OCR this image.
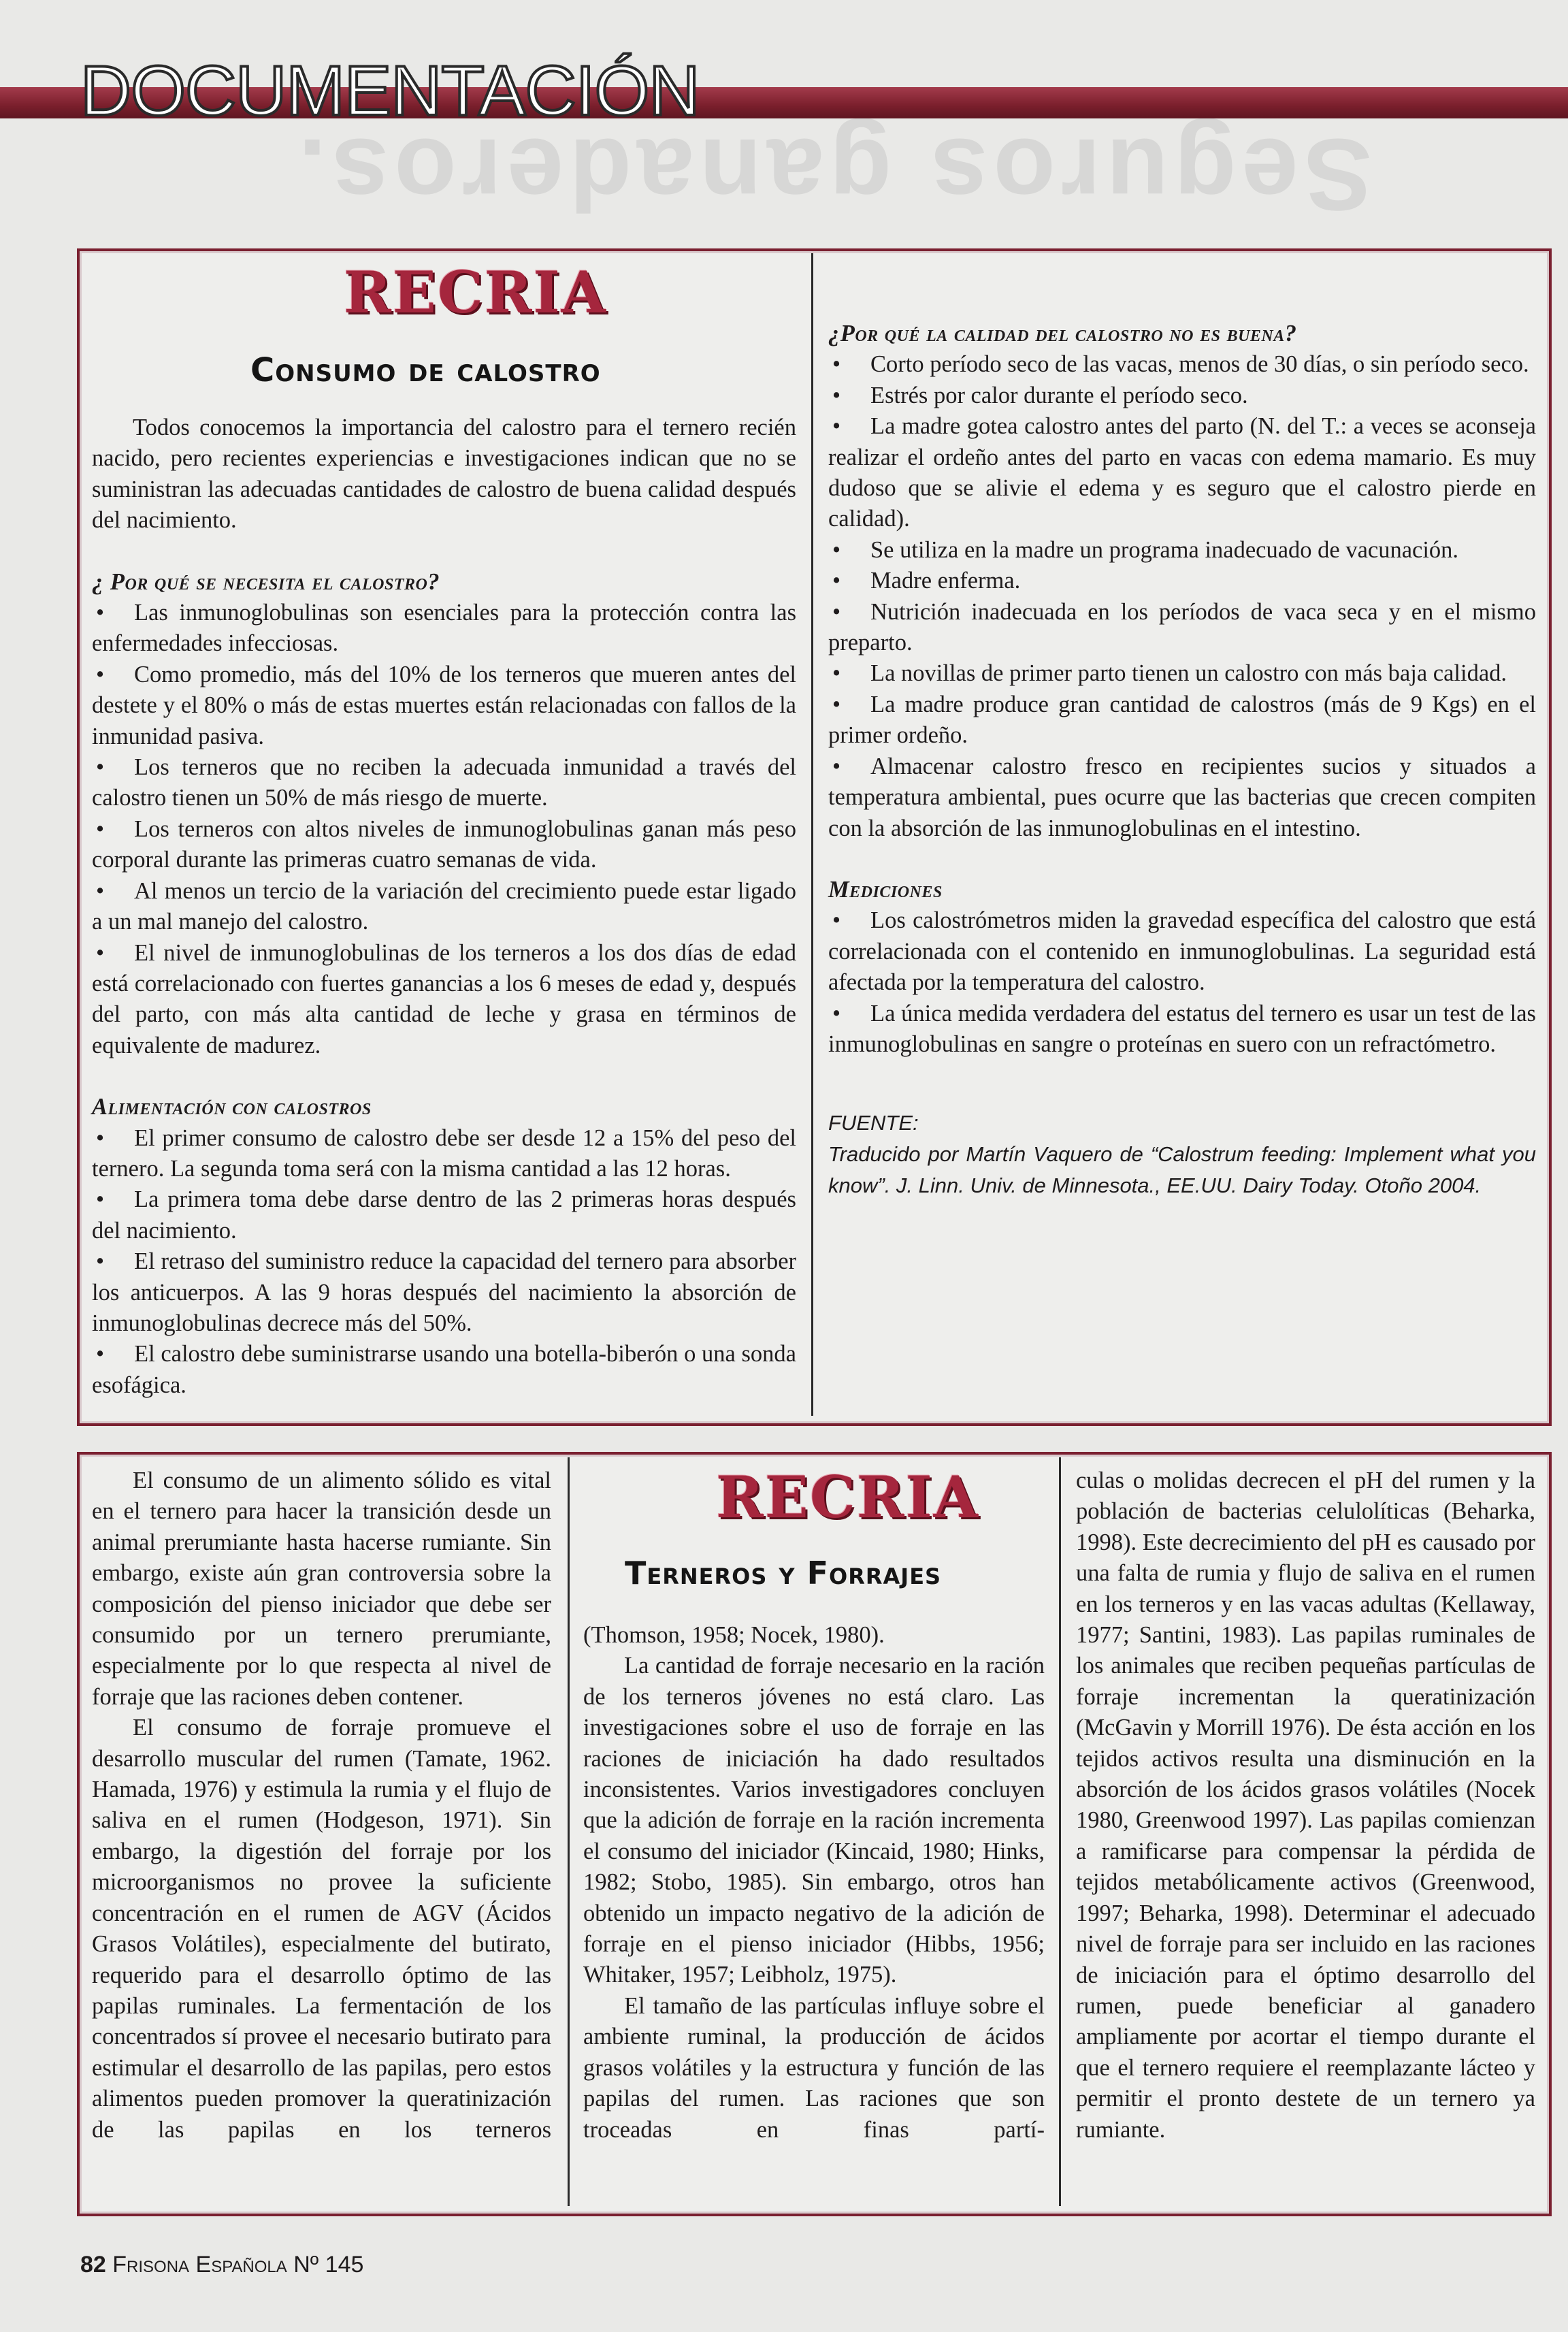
Seguros ganaderos.
DOCUMENTACIÓN
RECRIA
Consumo de calostro

Todos conocemos la importancia del calostro para el ternero recién nacido, pero recientes experiencias e investigaciones indican que no se suministran las adecuadas cantidades de calostro de buena calidad después del nacimiento.

¿ Por qué se necesita el calostro?

• Las inmunoglobulinas son esenciales para la protección contra las enfermedades infecciosas.

• Como promedio, más del 10% de los terneros que mueren antes del destete y el 80% o más de estas muertes están relacionadas con fallos de la inmunidad pasiva.

• Los terneros que no reciben la adecuada inmunidad a través del calostro tienen un 50% de más riesgo de muerte.

• Los terneros con altos niveles de inmunoglobulinas ganan más peso corporal durante las primeras cuatro semanas de vida.

• Al menos un tercio de la variación del crecimiento puede estar ligado a un mal manejo del calostro.

• El nivel de inmunoglobulinas de los terneros a los dos días de edad está correlacionado con fuertes ganancias a los 6 meses de edad y, después del parto, con más alta cantidad de leche y grasa en términos de equivalente de madurez.

Alimentación con calostros

• El primer consumo de calostro debe ser desde 12 a 15% del peso del ternero. La segunda toma será con la misma cantidad a las 12 horas.

• La primera toma debe darse dentro de las 2 primeras horas después del nacimiento.

• El retraso del suministro reduce la capacidad del ternero para absorber los anticuerpos. A las 9 horas después del nacimiento la absorción de inmunoglobulinas decrece más del 50%.

• El calostro debe suministrarse usando una botella-biberón o una sonda esofágica.

¿Por qué la calidad del calostro no es buena?

• Corto período seco de las vacas, menos de 30 días, o sin período seco.

• Estrés por calor durante el período seco.

• La madre gotea calostro antes del parto (N. del T.: a veces se aconseja realizar el ordeño antes del parto en vacas con edema mamario. Es muy dudoso que se alivie el edema y es seguro que el calostro pierde en calidad).

• Se utiliza en la madre un programa inadecuado de vacunación.

• Madre enferma.

• Nutrición inadecuada en los períodos de vaca seca y en el mismo preparto.

• La novillas de primer parto tienen un calostro con más baja calidad.

• La madre produce gran cantidad de calostros (más de 9 Kgs) en el primer ordeño.

• Almacenar calostro fresco en recipientes sucios y situados a temperatura ambiental, pues ocurre que las bacterias que crecen compiten con la absorción de las inmunoglobulinas en el intestino.

Mediciones

• Los calostrómetros miden la gravedad específica del calostro que está correlacionada con el contenido en inmunoglobulinas. La seguridad está afectada por la temperatura del calostro.

• La única medida verdadera del estatus del ternero es usar un test de las inmunoglobulinas en sangre o proteínas en suero con un refractómetro.

FUENTE:

Traducido por Martín Vaquero de “Calostrum feeding: Implement what you know”. J. Linn. Univ. de Minnesota., EE.UU. Dairy Today. Otoño 2004.

RECRIA
Terneros y Forrajes

El consumo de un alimento sólido es vital en el ternero para hacer la transición desde un animal prerumiante hasta hacerse rumiante. Sin embargo, existe aún gran controversia sobre la composición del pienso iniciador que debe ser consumido por un ternero prerumiante, especialmente por lo que respecta al nivel de forraje que las raciones deben contener.

El consumo de forraje promueve el desarrollo muscular del rumen (Tamate, 1962. Hamada, 1976) y estimula la rumia y el flujo de saliva en el rumen (Hodgeson, 1971). Sin embargo, la digestión del forraje por los microorganismos no provee la suficiente concentración en el rumen de AGV (Ácidos Grasos Volátiles), especialmente del butirato, requerido para el desarrollo óptimo de las papilas ruminales. La fermentación de los concentrados sí provee el necesario butirato para estimular el desarrollo de las papilas, pero estos alimentos pueden promover la queratinización de las papilas en los terneros

(Thomson, 1958; Nocek, 1980).

La cantidad de forraje necesario en la ración de los terneros jóvenes no está claro. Las investigaciones sobre el uso de forraje en las raciones de iniciación ha dado resultados inconsistentes. Varios investigadores concluyen que la adición de forraje en la ración incrementa el consumo del iniciador (Kincaid, 1980; Hinks, 1982; Stobo, 1985). Sin embargo, otros han obtenido un impacto negativo de la adición de forraje en el pienso iniciador (Hibbs, 1956; Whitaker, 1957; Leibholz, 1975).

El tamaño de las partículas influye sobre el ambiente ruminal, la producción de ácidos grasos volátiles y la estructura y función de las papilas del rumen. Las raciones que son troceadas en finas partí-

culas o molidas decrecen el pH del rumen y la población de bacterias celulolíticas (Beharka, 1998). Este decrecimiento del pH es causado por una falta de rumia y flujo de saliva en el rumen en los terneros y en las vacas adultas (Kellaway, 1977; Santini, 1983). Las papilas ruminales de los animales que reciben pequeñas partículas de forraje incrementan la queratinización (McGavin y Morrill 1976). De ésta acción en los tejidos activos resulta una disminución en la absorción de los ácidos grasos volátiles (Nocek 1980, Greenwood 1997). Las papilas comienzan a ramificarse para compensar la pérdida de tejidos metabólicamente activos (Greenwood, 1997; Beharka, 1998). Determinar el adecuado nivel de forraje para ser incluido en las raciones de iniciación para el óptimo desarrollo del rumen, puede beneficiar al ganadero ampliamente por acortar el tiempo durante el que el ternero requiere el reemplazante lácteo y permitir el pronto destete de un ternero ya rumiante.

82 Frisona Española Nº 145
